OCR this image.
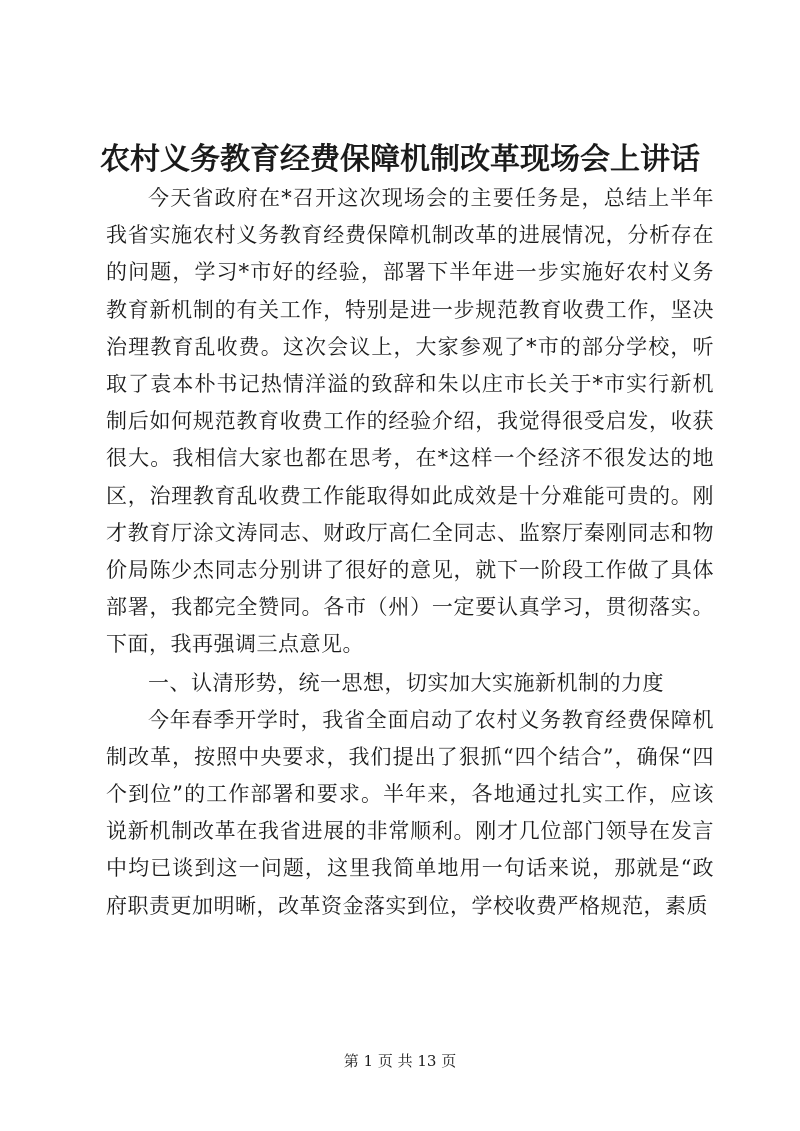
农村义务教育经费保障机制改革现场会上讲话

今天省政府在*召开这次现场会的主要任务是，总结上半年我省实施农村义务教育经费保障机制改革的进展情况，分析存在的问题，学习*市好的经验，部署下半年进一步实施好农村义务教育新机制的有关工作，特别是进一步规范教育收费工作，坚决治理教育乱收费。这次会议上，大家参观了*市的部分学校，听取了袁本朴书记热情洋溢的致辞和朱以庄市长关于*市实行新机制后如何规范教育收费工作的经验介绍，我觉得很受启发，收获很大。我相信大家也都在思考，在*这样一个经济不很发达的地区，治理教育乱收费工作能取得如此成效是十分难能可贵的。刚才教育厅涂文涛同志、财政厅高仁全同志、监察厅秦刚同志和物价局陈少杰同志分别讲了很好的意见，就下一阶段工作做了具体部署，我都完全赞同。各市（州）一定要认真学习，贯彻落实。下面，我再强调三点意见。

一、认清形势，统一思想，切实加大实施新机制的力度

今年春季开学时，我省全面启动了农村义务教育经费保障机制改革，按照中央要求，我们提出了狠抓“四个结合”，确保“四个到位”的工作部署和要求。半年来，各地通过扎实工作，应该说新机制改革在我省进展的非常顺利。刚才几位部门领导在发言中均已谈到这一问题，这里我简单地用一句话来说，那就是“政府职责更加明晰，改革资金落实到位，学校收费严格规范，素质

第 1 页 共 13 页
